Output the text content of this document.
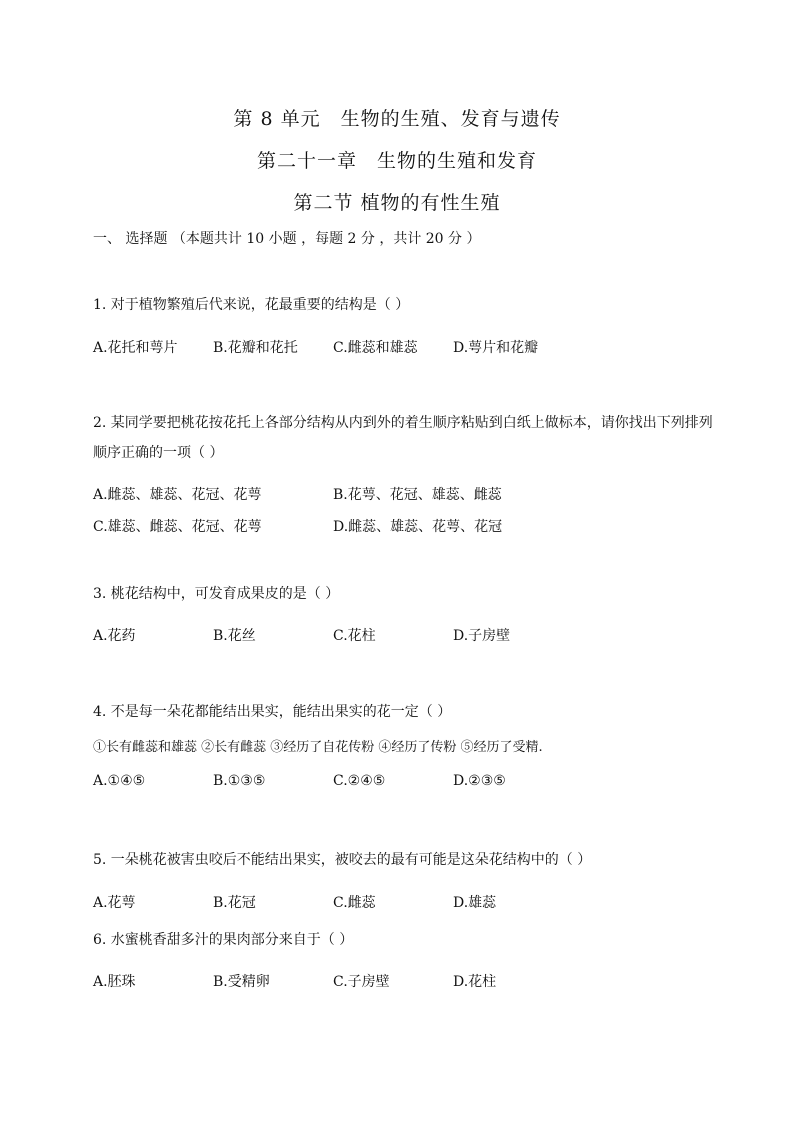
第 8 单元　生物的生殖、发育与遗传
第二十一章　生物的生殖和发育
第二节 植物的有性生殖
一、 选择题 （本题共计 10 小题 ，每题 2 分 ，共计 20 分 ）
1. 对于植物繁殖后代来说，花最重要的结构是（ ）
A.花托和萼片	B.花瓣和花托	C.雌蕊和雄蕊	D.萼片和花瓣
2. 某同学要把桃花按花托上各部分结构从内到外的着生顺序粘贴到白纸上做标本，请你找出下列排列顺序正确的一项（ ）
A.雌蕊、雄蕊、花冠、花萼	B.花萼、花冠、雄蕊、雌蕊
C.雄蕊、雌蕊、花冠、花萼	D.雌蕊、雄蕊、花萼、花冠
3. 桃花结构中，可发育成果皮的是（ ）
A.花药	B.花丝	C.花柱	D.子房壁
4. 不是每一朵花都能结出果实，能结出果实的花一定（ ）
①长有雌蕊和雄蕊 ②长有雌蕊 ③经历了自花传粉 ④经历了传粉 ⑤经历了受精.
A.①④⑤	B.①③⑤	C.②④⑤	D.②③⑤
5. 一朵桃花被害虫咬后不能结出果实，被咬去的最有可能是这朵花结构中的（ ）
A.花萼	B.花冠	C.雌蕊	D.雄蕊
6. 水蜜桃香甜多汁的果肉部分来自于（ ）
A.胚珠	B.受精卵	C.子房壁	D.花柱
